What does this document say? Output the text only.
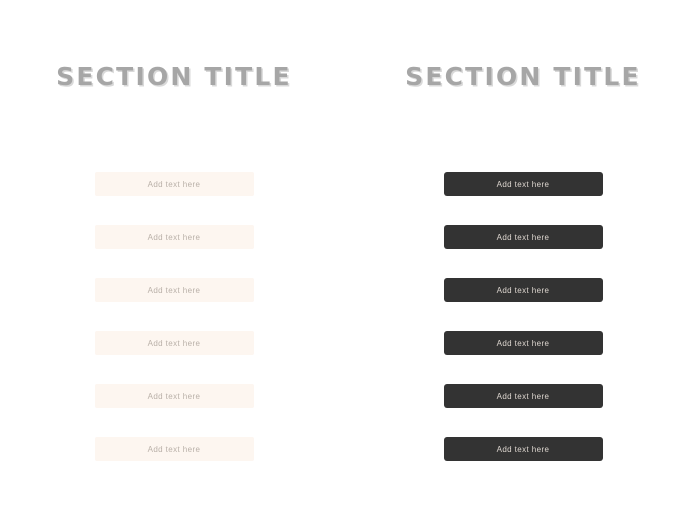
SECTION TITLE
Add text here
Add text here
Add text here
Add text here
Add text here
Add text here
SECTION TITLE
Add text here
Add text here
Add text here
Add text here
Add text here
Add text here
